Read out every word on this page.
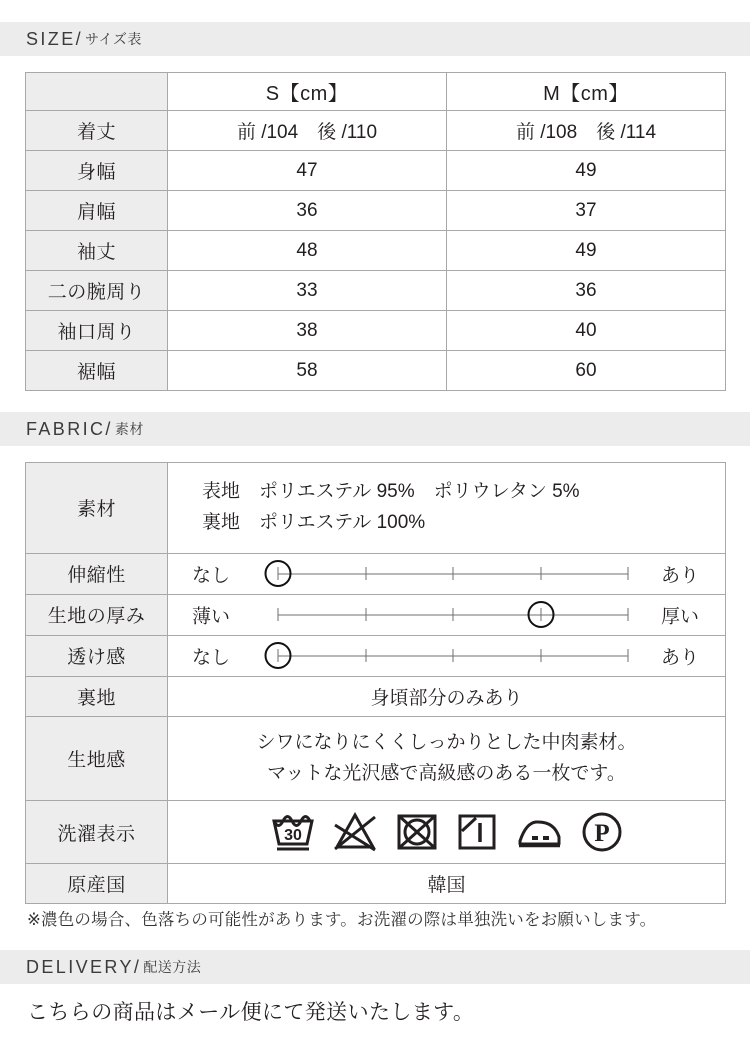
SIZE/ サイズ表
	S【cm】	M【cm】
着丈	前 /104　後 /110	前 /108　後 /114
身幅	47	49
肩幅	36	37
袖丈	48	49
二の腕周り	33	36
袖口周り	38	40
裾幅	58	60
FABRIC/ 素材
素材	表地　ポリエステル 95%　ポリウレタン 5%
裏地　ポリエステル 100%

伸縮性	なし あり

生地の厚み	薄い 厚い

透け感	なし あり

裏地	身頃部分のみあり
生地感	シワになりにくくしっかりとした中肉素材。
マットな光沢感で高級感のある一枚です。

洗濯表示	30 P

原産国	韓国
※濃色の場合、色落ちの可能性があります。お洗濯の際は単独洗いをお願いします。
DELIVERY/ 配送方法
こちらの商品はメール便にて発送いたします。
